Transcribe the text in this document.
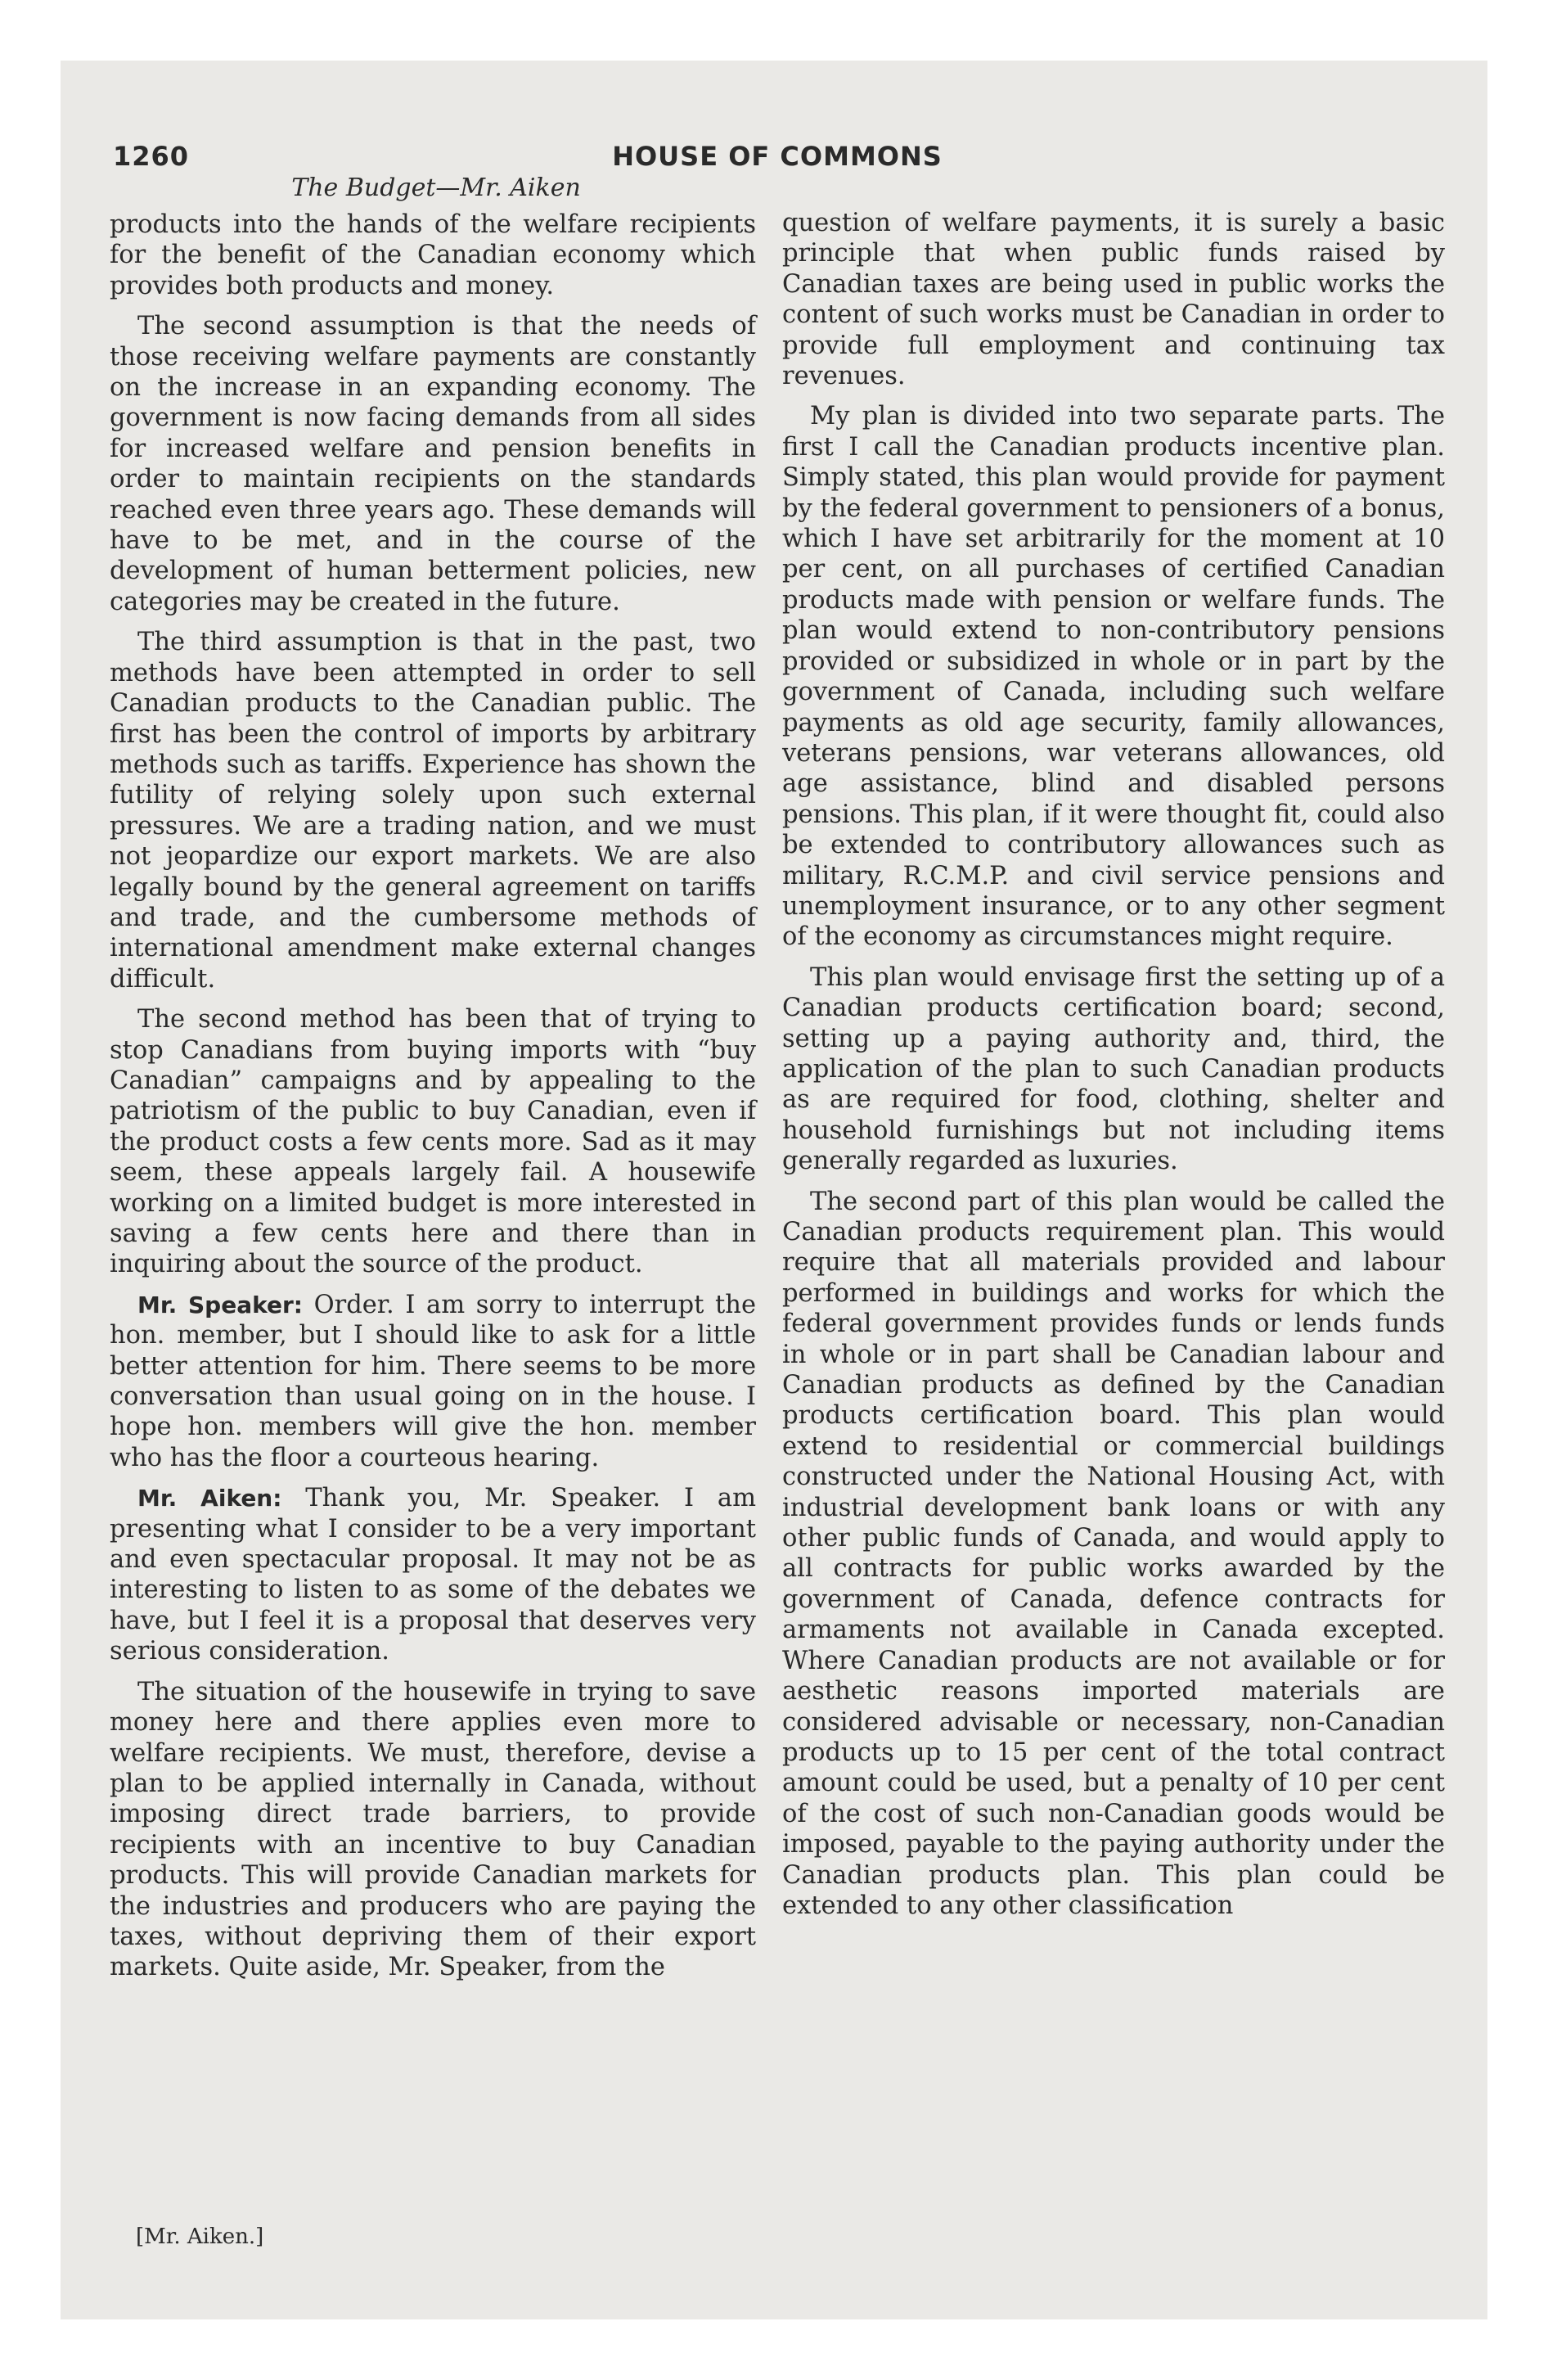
1260	HOUSE OF COMMONS
The Budget—Mr. Aiken

products into the hands of the welfare recipients for the benefit of the Canadian economy which provides both products and money.

The second assumption is that the needs of those receiving welfare payments are constantly on the increase in an expanding economy. The government is now facing demands from all sides for increased welfare and pension benefits in order to maintain recipients on the standards reached even three years ago. These demands will have to be met, and in the course of the development of human betterment policies, new categories may be created in the future.

The third assumption is that in the past, two methods have been attempted in order to sell Canadian products to the Canadian public. The first has been the control of imports by arbitrary methods such as tariffs. Experience has shown the futility of relying solely upon such external pressures. We are a trading nation, and we must not jeopardize our export markets. We are also legally bound by the general agreement on tariffs and trade, and the cumbersome methods of international amendment make external changes difficult.

The second method has been that of trying to stop Canadians from buying imports with “buy Canadian” campaigns and by appealing to the patriotism of the public to buy Canadian, even if the product costs a few cents more. Sad as it may seem, these appeals largely fail. A housewife working on a limited budget is more interested in saving a few cents here and there than in inquiring about the source of the product.

Mr. Speaker: Order. I am sorry to interrupt the hon. member, but I should like to ask for a little better attention for him. There seems to be more conversation than usual going on in the house. I hope hon. members will give the hon. member who has the floor a courteous hearing.

Mr. Aiken: Thank you, Mr. Speaker. I am presenting what I consider to be a very important and even spectacular proposal. It may not be as interesting to listen to as some of the debates we have, but I feel it is a proposal that deserves very serious consideration.

The situation of the housewife in trying to save money here and there applies even more to welfare recipients. We must, therefore, devise a plan to be applied internally in Canada, without imposing direct trade barriers, to provide recipients with an incentive to buy Canadian products. This will provide Canadian markets for the industries and producers who are paying the taxes, without depriving them of their export markets. Quite aside, Mr. Speaker, from the

question of welfare payments, it is surely a basic principle that when public funds raised by Canadian taxes are being used in public works the content of such works must be Canadian in order to provide full employment and continuing tax revenues.

My plan is divided into two separate parts. The first I call the Canadian products incentive plan. Simply stated, this plan would provide for payment by the federal government to pensioners of a bonus, which I have set arbitrarily for the moment at 10 per cent, on all purchases of certified Canadian products made with pension or welfare funds. The plan would extend to non-contributory pensions provided or subsidized in whole or in part by the government of Canada, including such welfare payments as old age security, family allowances, veterans pensions, war veterans allowances, old age assistance, blind and disabled persons pensions. This plan, if it were thought fit, could also be extended to contributory allowances such as military, R.C.M.P. and civil service pensions and unemployment insurance, or to any other segment of the economy as circumstances might require.

This plan would envisage first the setting up of a Canadian products certification board; second, setting up a paying authority and, third, the application of the plan to such Canadian products as are required for food, clothing, shelter and household furnishings but not including items generally regarded as luxuries.

The second part of this plan would be called the Canadian products requirement plan. This would require that all materials provided and labour performed in buildings and works for which the federal government provides funds or lends funds in whole or in part shall be Canadian labour and Canadian products as defined by the Canadian products certification board. This plan would extend to residential or commercial buildings constructed under the National Housing Act, with industrial development bank loans or with any other public funds of Canada, and would apply to all contracts for public works awarded by the government of Canada, defence contracts for armaments not available in Canada excepted. Where Canadian products are not available or for aesthetic reasons imported materials are considered advisable or necessary, non-Canadian products up to 15 per cent of the total contract amount could be used, but a penalty of 10 per cent of the cost of such non-Canadian goods would be imposed, payable to the paying authority under the Canadian products plan. This plan could be extended to any other classification

[Mr. Aiken.]
